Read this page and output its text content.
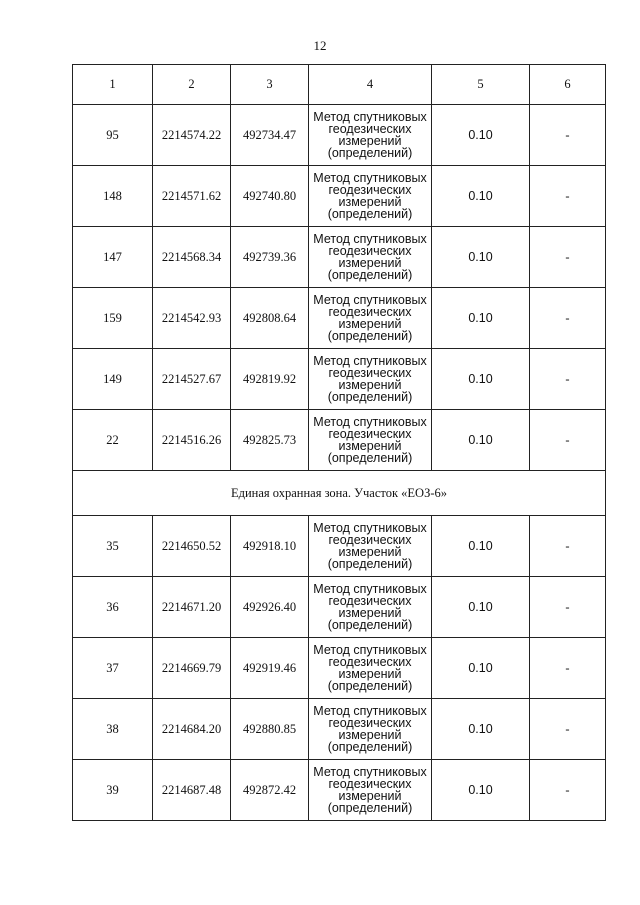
12
1	2	3	4	5	6
95	2214574.22	492734.47	Метод спутниковых
геодезических
измерений
(определений)	0.10	-
148	2214571.62	492740.80	Метод спутниковых
геодезических
измерений
(определений)	0.10	-
147	2214568.34	492739.36	Метод спутниковых
геодезических
измерений
(определений)	0.10	-
159	2214542.93	492808.64	Метод спутниковых
геодезических
измерений
(определений)	0.10	-
149	2214527.67	492819.92	Метод спутниковых
геодезических
измерений
(определений)	0.10	-
22	2214516.26	492825.73	Метод спутниковых
геодезических
измерений
(определений)	0.10	-
Единая охранная зона. Участок «ЕОЗ-6»					
35	2214650.52	492918.10	Метод спутниковых
геодезических
измерений
(определений)	0.10	-
36	2214671.20	492926.40	Метод спутниковых
геодезических
измерений
(определений)	0.10	-
37	2214669.79	492919.46	Метод спутниковых
геодезических
измерений
(определений)	0.10	-
38	2214684.20	492880.85	Метод спутниковых
геодезических
измерений
(определений)	0.10	-
39	2214687.48	492872.42	Метод спутниковых
геодезических
измерений
(определений)	0.10	-
